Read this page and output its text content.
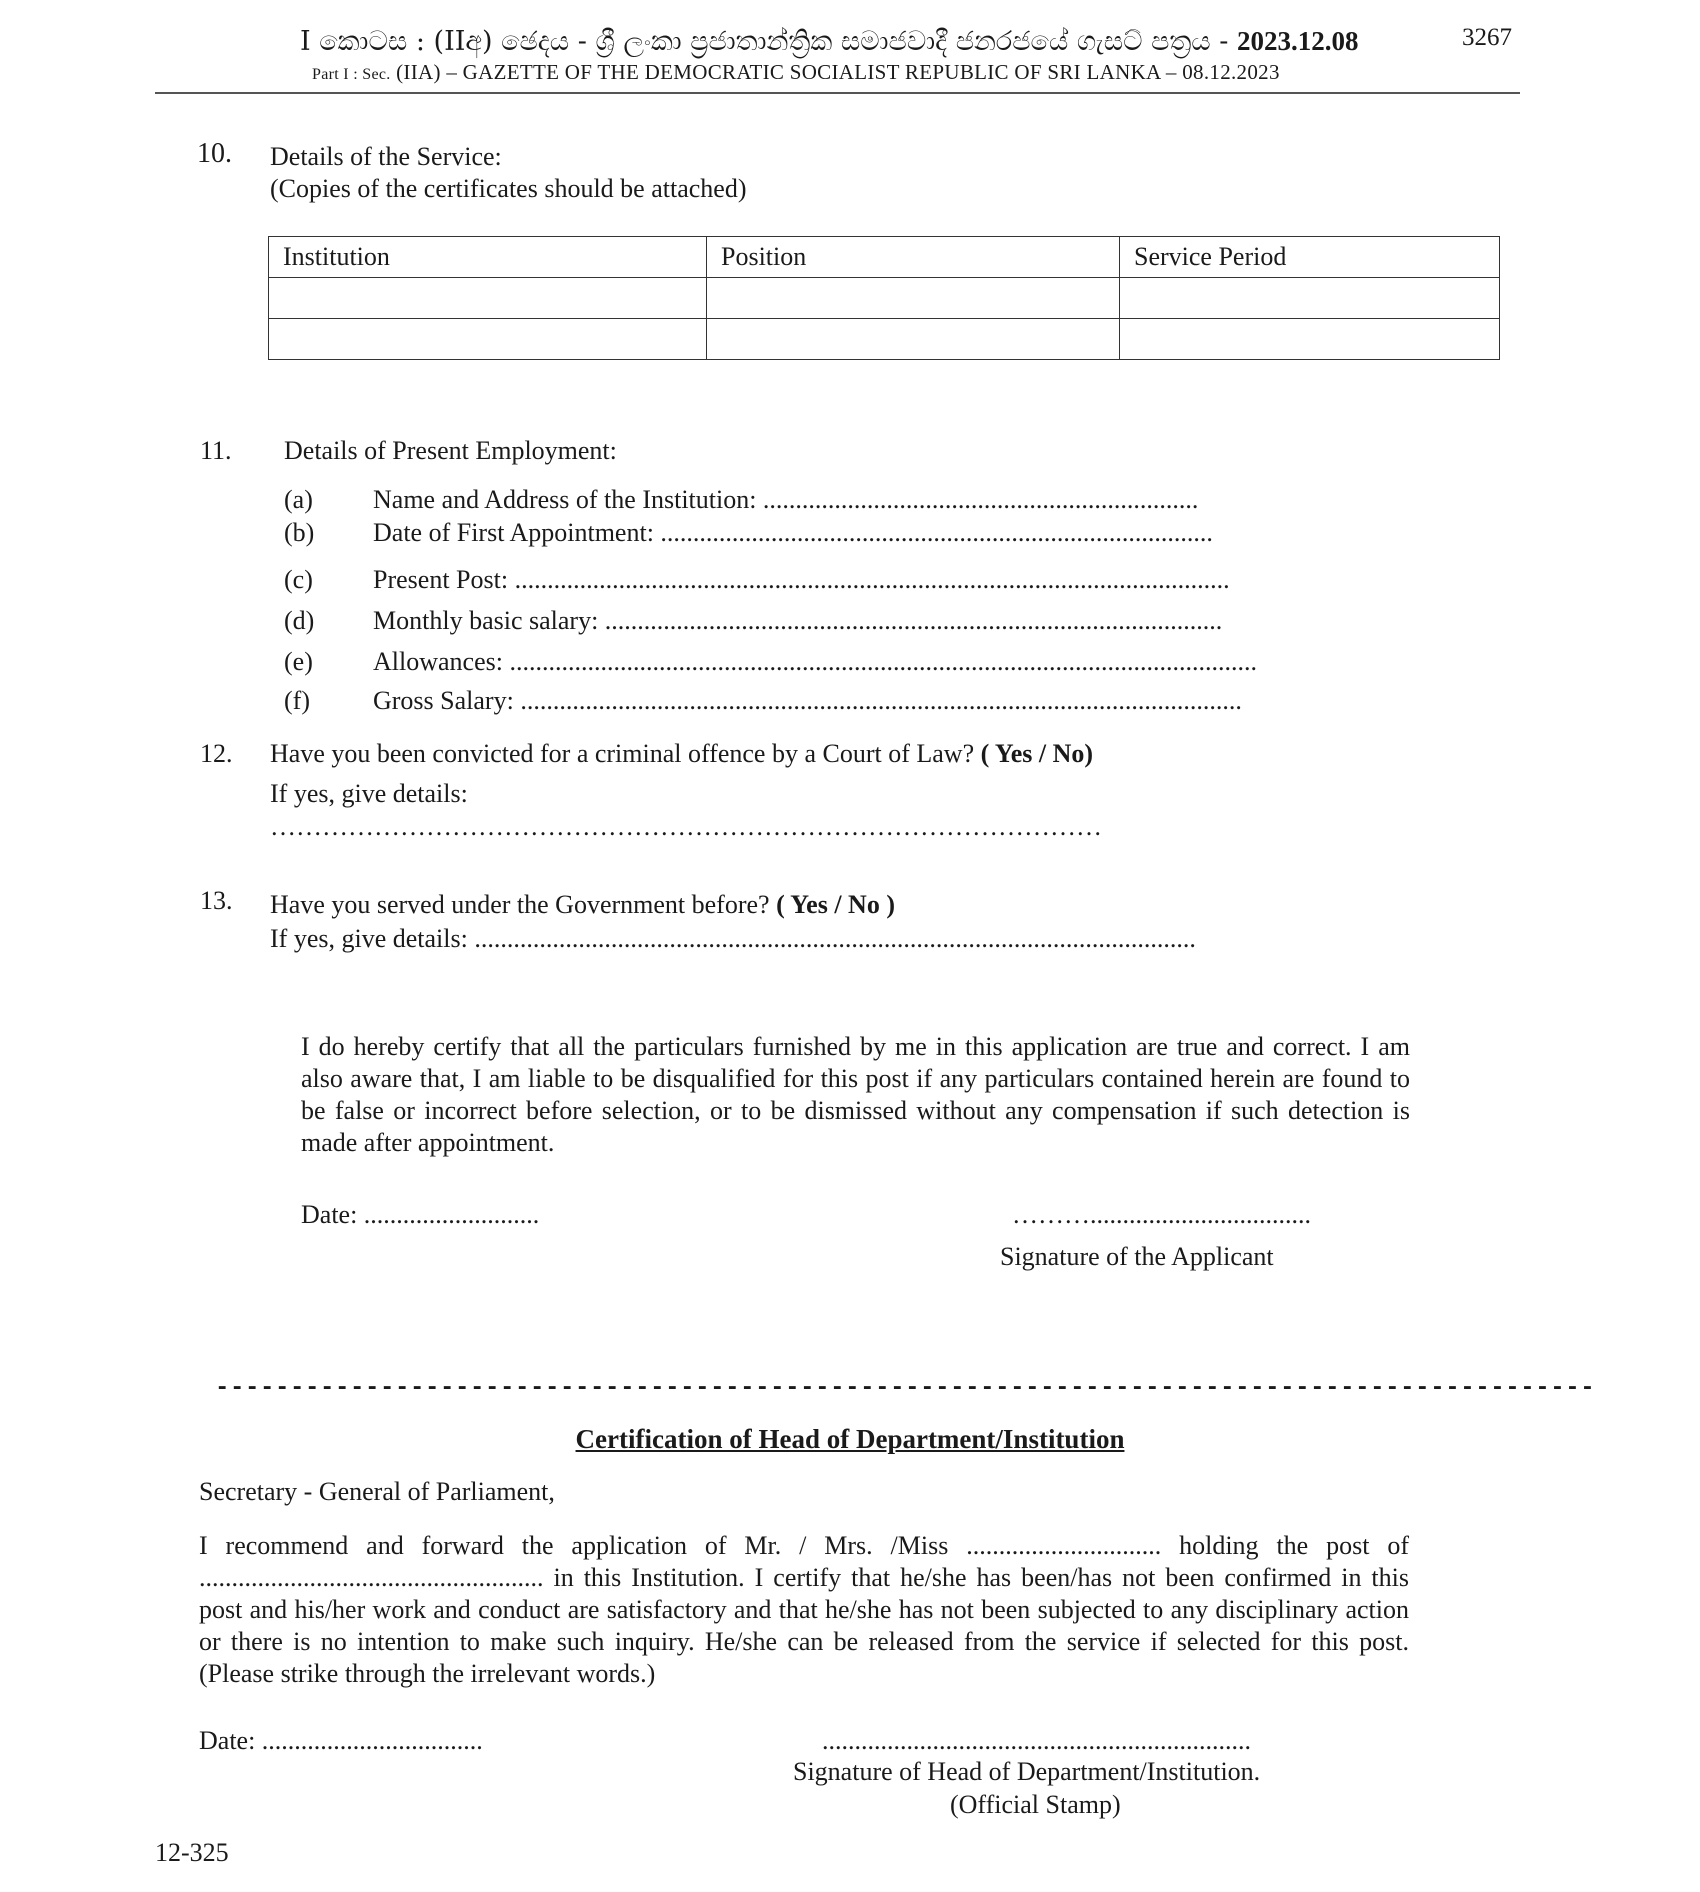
I කොටස : (IIඅ) ඡෙදය - ශ්‍රී ලංකා ප්‍රජාතාන්ත්‍රික සමාජවාදී ජනරජයේ ගැසට් පත්‍රය - 2023.12.08
Part I : Sec. (IIA) – GAZETTE OF THE DEMOCRATIC SOCIALIST REPUBLIC OF SRI LANKA – 08.12.2023
3267
10. Details of the Service:
(Copies of the certificates should be attached)
Institution	Position	Service Period

11. Details of Present Employment:
(a) Name and Address of the Institution: ...................................................................
(b) Date of First Appointment: .....................................................................................
(c) Present Post: ..............................................................................................................
(d) Monthly basic salary: ...............................................................................................
(e) Allowances: ...................................................................................................................
(f) Gross Salary: ...............................................................................................................
12. Have you been convicted for a criminal offence by a Court of Law? ( Yes / No)
If yes, give details:
……………………………………………………………………………………
13. Have you served under the Government before? ( Yes / No )
If yes, give details: ...............................................................................................................
I do hereby certify that all the particulars furnished by me in this application are true and correct. I am also aware that, I am liable to be disqualified for this post if any particulars contained herein are found to be false or incorrect before selection, or to be dismissed without any compensation if such detection is made after appointment.
Date: ...........................	………..................................
Signature of the Applicant
--------------------------------------------------------------------------------------------
Certification of Head of Department/Institution
Secretary - General of Parliament,
I recommend and forward the application of Mr. / Mrs. /Miss .............................. holding the post of ..................................................... in this Institution. I certify that he/she has been/has not been confirmed in this post and his/her work and conduct are satisfactory and that he/she has not been subjected to any disciplinary action or there is no intention to make such inquiry. He/she can be released from the service if selected for this post. (Please strike through the irrelevant words.)
Date: ..................................	..................................................................
Signature of Head of Department/Institution.
(Official Stamp)
12-325
